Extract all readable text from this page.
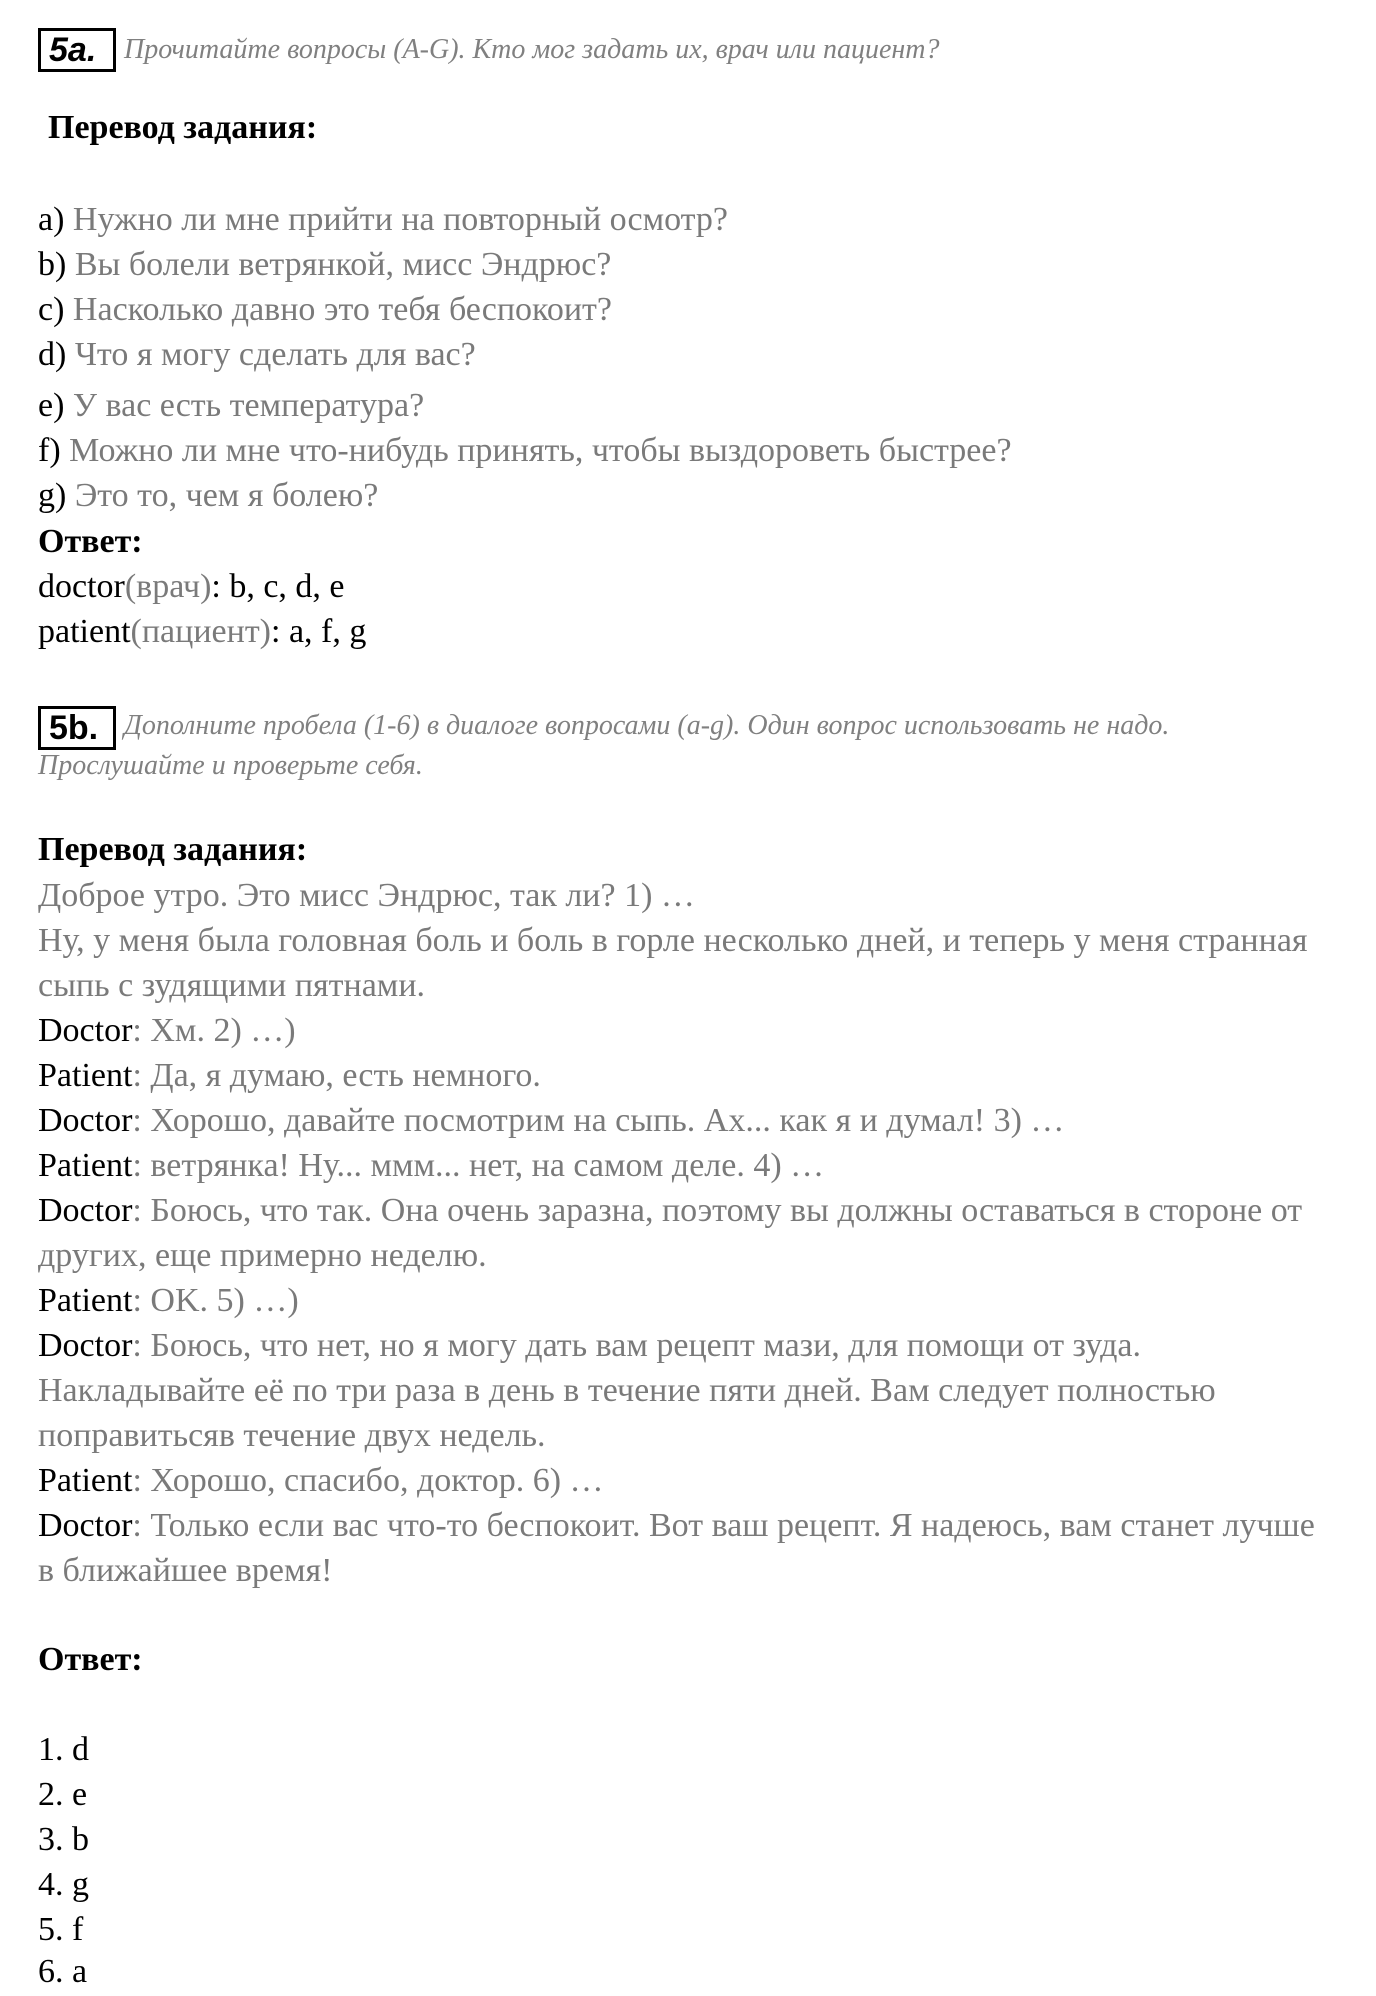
5a. Прочитайте вопросы (A-G). Кто мог задать их, врач или пациент?
Перевод задания:
a) Нужно ли мне прийти на повторный осмотр?
b) Вы болели ветрянкой, мисс Эндрюс?
c) Насколько давно это тебя беспокоит?
d) Что я могу сделать для вас?
e) У вас есть температура?
f) Можно ли мне что-нибудь принять, чтобы выздороветь быстрее?
g) Это то, чем я болею?
Ответ:
doctor(врач): b, c, d, e
patient(пациент): a, f, g
5b. Дополните пробела (1-6) в диалоге вопросами (a-g). Один вопрос использовать не надо. Прослушайте и проверьте себя.
Перевод задания:
Доброе утро. Это мисс Эндрюс, так ли? 1) …
Ну, у меня была головная боль и боль в горле несколько дней, и теперь у меня странная сыпь с зудящими пятнами.
Doctor: Хм. 2) …)
Patient: Да, я думаю, есть немного.
Doctor: Хорошо, давайте посмотрим на сыпь. Ах... как я и думал! 3) …
Patient: ветрянка! Ну... ммм... нет, на самом деле. 4) …
Doctor: Боюсь, что так. Она очень заразна, поэтому вы должны оставаться в стороне от других, еще примерно неделю.
Patient: OK. 5) …)
Doctor: Боюсь, что нет, но я могу дать вам рецепт мази, для помощи от зуда. Накладывайте её по три раза в день в течение пяти дней. Вам следует полностью поправитьсяв течение двух недель.
Patient: Хорошо, спасибо, доктор. 6) …
Doctor: Только если вас что-то беспокоит. Вот ваш рецепт. Я надеюсь, вам станет лучше в ближайшее время!
Ответ:
1. d
2. e
3. b
4. g
5. f
6. a
